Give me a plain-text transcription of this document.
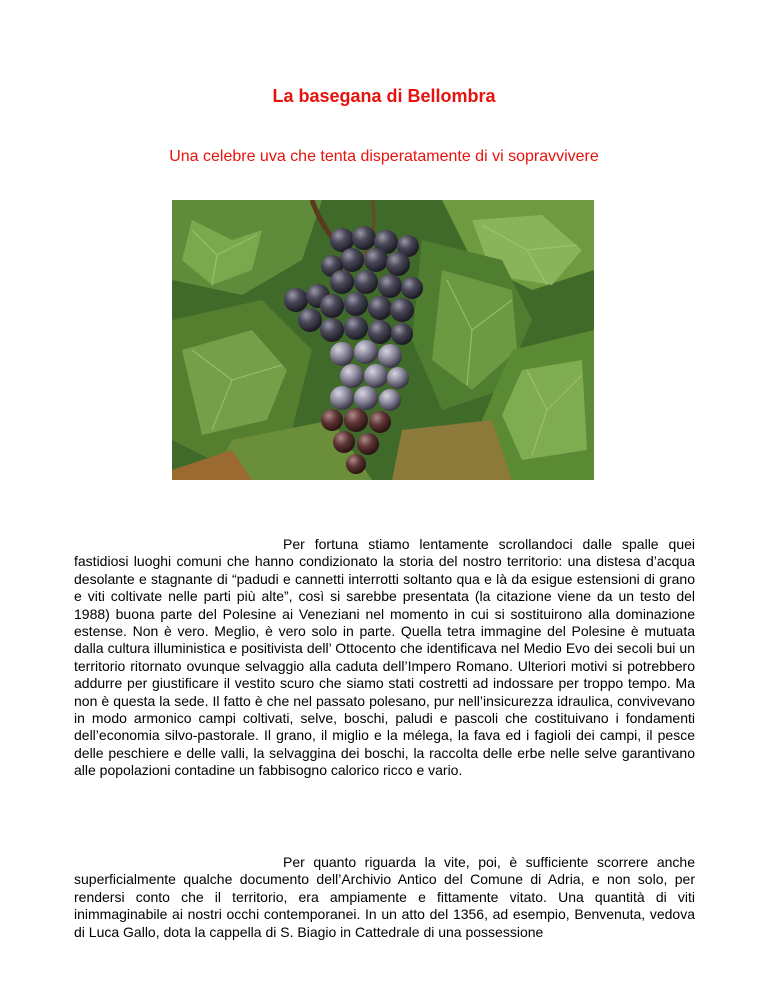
La basegana di Bellombra

Una celebre uva che tenta disperatamente di vi sopravvivere

Per fortuna stiamo lentamente scrollandoci dalle spalle quei fastidiosi luoghi comuni che hanno condizionato la storia del nostro territorio: una distesa d’acqua desolante e stagnante di “padudi e cannetti interrotti soltanto qua e là da esigue estensioni di grano e viti coltivate nelle parti più alte”, così si sarebbe presentata (la citazione viene da un testo del 1988) buona parte del Polesine ai Veneziani nel momento in cui si sostituirono alla dominazione estense. Non è vero. Meglio, è vero solo in parte. Quella tetra immagine del Polesine è mutuata dalla cultura illuministica e positivista dell’ Ottocento che identificava nel Medio Evo dei secoli bui un territorio ritornato ovunque selvaggio alla caduta dell’Impero Romano. Ulteriori motivi si potrebbero addurre per giustificare il vestito scuro che siamo stati costretti ad indossare per troppo tempo. Ma non è questa la sede. Il fatto è che nel passato polesano, pur nell’insicurezza idraulica, convivevano in modo armonico campi coltivati, selve, boschi, paludi e pascoli che costituivano i fondamenti dell’economia silvo-pastorale. Il grano, il miglio e la mélega, la fava ed i fagioli dei campi, il pesce delle peschiere e delle valli, la selvaggina dei boschi, la raccolta delle erbe nelle selve garantivano alle popolazioni contadine un fabbisogno calorico ricco e vario.

Per quanto riguarda la vite, poi, è sufficiente scorrere anche superficialmente qualche documento dell’Archivio Antico del Comune di Adria, e non solo, per rendersi conto che il territorio, era ampiamente e fittamente vitato. Una quantità di viti inimmaginabile ai nostri occhi contemporanei. In un atto del 1356, ad esempio, Benvenuta, vedova di Luca Gallo, dota la cappella di S. Biagio in Cattedrale di una possessione
